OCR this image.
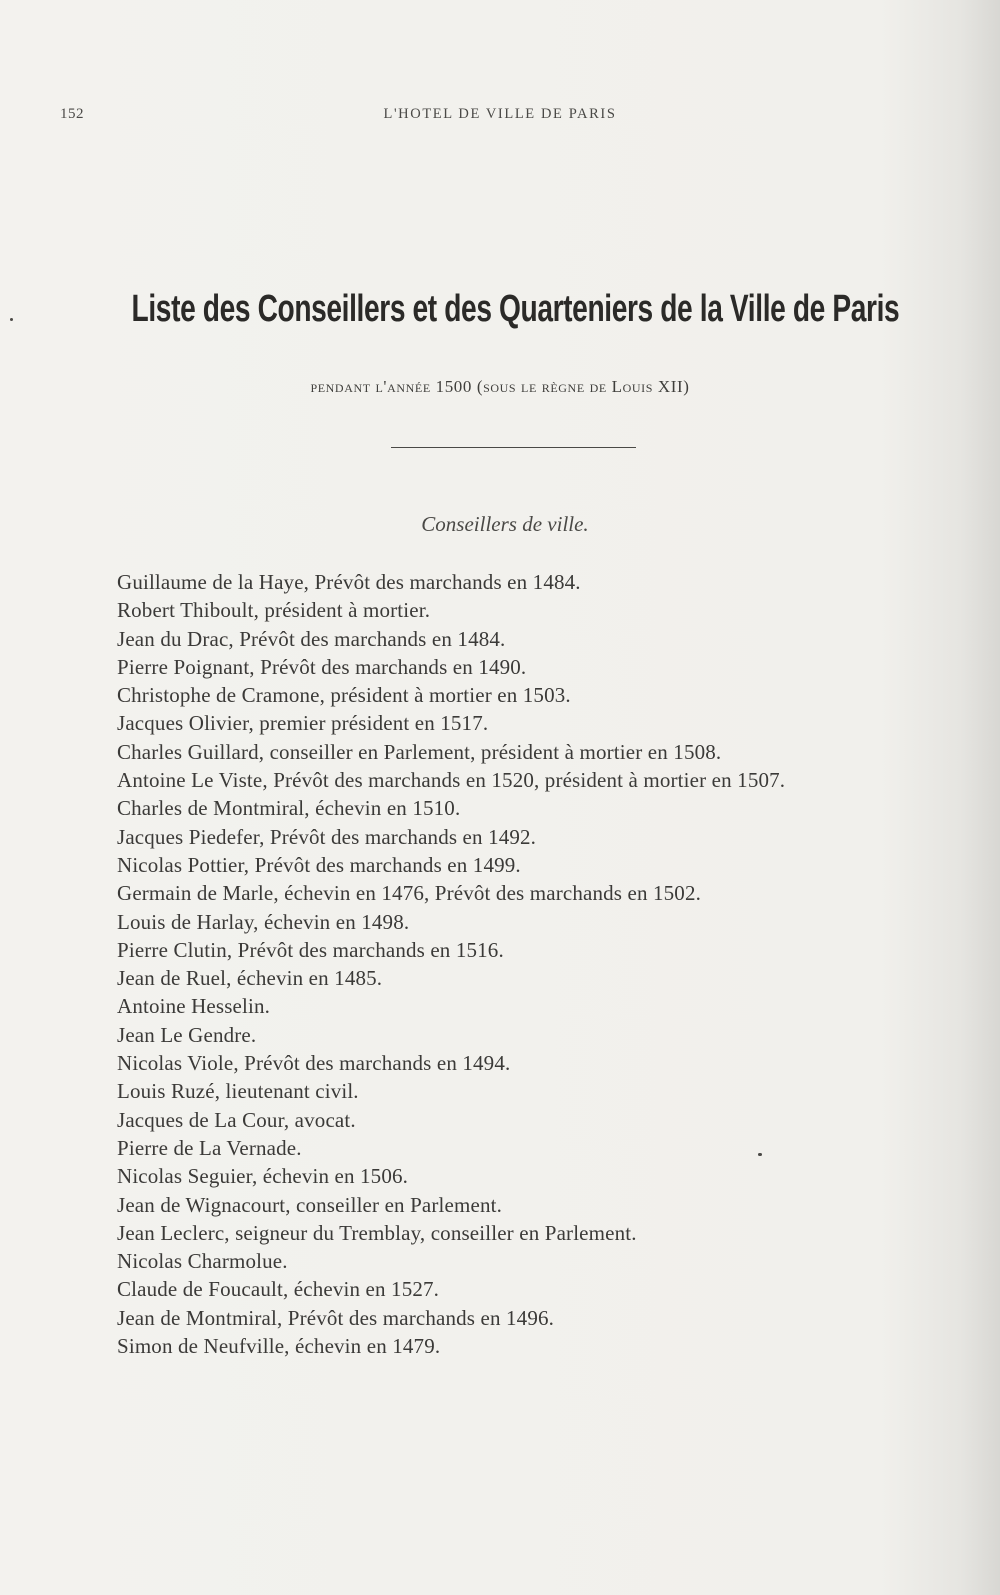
152	L'HOTEL DE VILLE DE PARIS
Liste des Conseillers et des Quarteniers de la Ville de Paris
pendant l'année 1500 (sous le règne de Louis XII)
Conseillers de ville.
Guillaume de la Haye, Prévôt des marchands en 1484.
Robert Thiboult, président à mortier.
Jean du Drac, Prévôt des marchands en 1484.
Pierre Poignant, Prévôt des marchands en 1490.
Christophe de Cramone, président à mortier en 1503.
Jacques Olivier, premier président en 1517.
Charles Guillard, conseiller en Parlement, président à mortier en 1508.
Antoine Le Viste, Prévôt des marchands en 1520, président à mortier en 1507.
Charles de Montmiral, échevin en 1510.
Jacques Piedefer, Prévôt des marchands en 1492.
Nicolas Pottier, Prévôt des marchands en 1499.
Germain de Marle, échevin en 1476, Prévôt des marchands en 1502.
Louis de Harlay, échevin en 1498.
Pierre Clutin, Prévôt des marchands en 1516.
Jean de Ruel, échevin en 1485.
Antoine Hesselin.
Jean Le Gendre.
Nicolas Viole, Prévôt des marchands en 1494.
Louis Ruzé, lieutenant civil.
Jacques de La Cour, avocat.
Pierre de La Vernade.
Nicolas Seguier, échevin en 1506.
Jean de Wignacourt, conseiller en Parlement.
Jean Leclerc, seigneur du Tremblay, conseiller en Parlement.
Nicolas Charmolue.
Claude de Foucault, échevin en 1527.
Jean de Montmiral, Prévôt des marchands en 1496.
Simon de Neufville, échevin en 1479.
